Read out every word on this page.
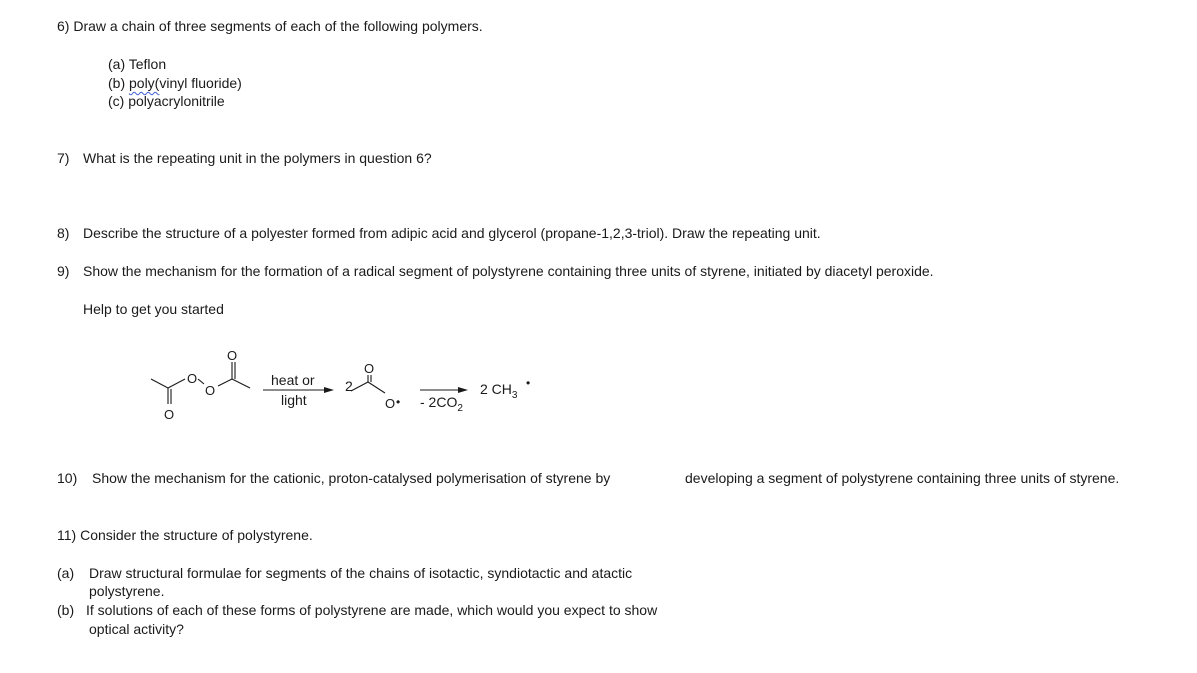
6) Draw a chain of three segments of each of the following polymers.
(a) Teflon
(b) poly(vinyl fluoride)
(c) polyacrylonitrile
7) What is the repeating unit in the polymers in question 6?
8) Describe the structure of a polyester formed from adipic acid and glycerol (propane-1,2,3-triol). Draw the repeating unit.
9) Show the mechanism for the formation of a radical segment of polystyrene containing three units of styrene, initiated by diacetyl peroxide.
Help to get you started
O
O
O
O
O
O •
heat or
light
2
- $2CO_2$
2 $CH_3$
•
10) Show the mechanism for the cationic, proton-catalysed polymerisation of styrene by	developing a segment of polystyrene containing three units of styrene.
11) Consider the structure of polystyrene.
(a) Draw structural formulae for segments of the chains of isotactic, syndiotactic and atactic
polystyrene.
(b) If solutions of each of these forms of polystyrene are made, which would you expect to show
optical activity?
